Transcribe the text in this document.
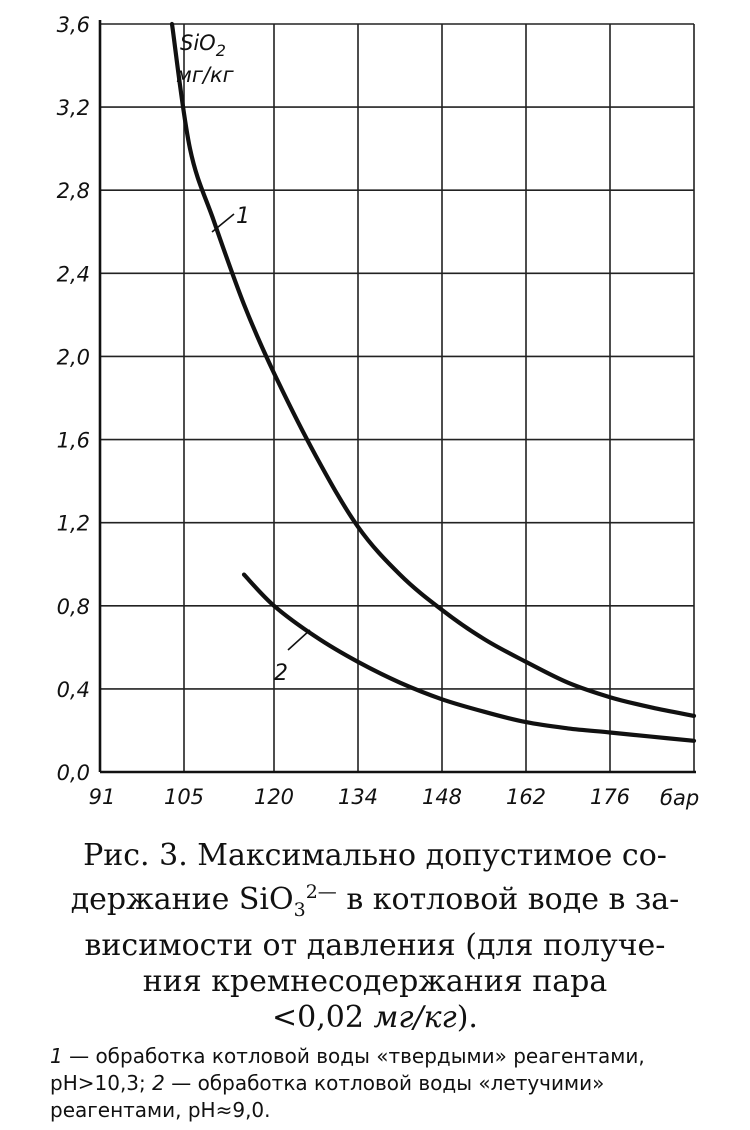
91 105 120 134 148 162 176
0,0
0,4
0,8
1,2
1,6
2,0
2,4
2,8
3,2
3,6
1
2
SiO$_2$
мг/кг
бар
Рис. 3. Максимально допустимое со-
держание SiO$_3^{2—}$ в котловой воде в за-
висимости от давления (для получе-
ния кремнесодержания пара
<0,02 мг/кг).
1 — обработка котловой воды «твердыми» реагентами, pH>10,3; 2 — обработка котловой воды «летучими» реагентами, pH≈9,0.
